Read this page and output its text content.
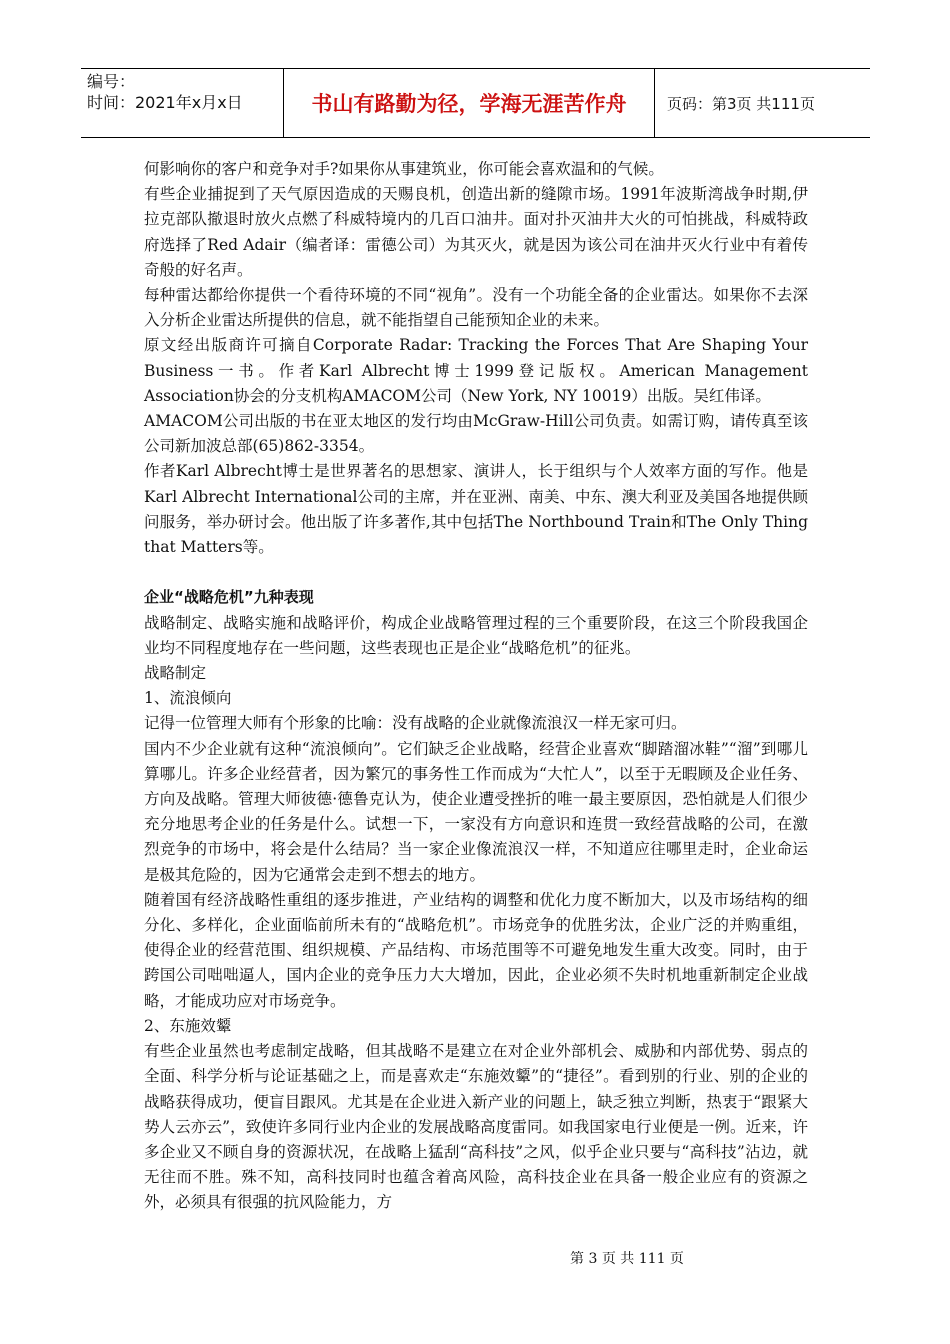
编号：
时间：2021年x月x日	书山有路勤为径，学海无涯苦作舟	页码：第3页 共111页

何影响你的客户和竞争对手?如果你从事建筑业，你可能会喜欢温和的气候。

有些企业捕捉到了天气原因造成的天赐良机，创造出新的缝隙市场。1991年波斯湾战争时期,伊拉克部队撤退时放火点燃了科威特境内的几百口油井。面对扑灭油井大火的可怕挑战，科威特政府选择了Red Adair（编者译：雷德公司）为其灭火，就是因为该公司在油井灭火行业中有着传奇般的好名声。

每种雷达都给你提供一个看待环境的不同“视角”。没有一个功能全备的企业雷达。如果你不去深入分析企业雷达所提供的信息，就不能指望自己能预知企业的未来。

原文经出版商许可摘自Corporate Radar: Tracking the Forces That Are Shaping Your Business一书。作者Karl Albrecht博士1999登记版权。American Management Association协会的分支机构AMACOM公司（New York, NY 10019）出版。吴红伟译。

AMACOM公司出版的书在亚太地区的发行均由McGraw-Hill公司负责。如需订购，请传真至该公司新加波总部(65)862-3354。

作者Karl Albrecht博士是世界著名的思想家、演讲人，长于组织与个人效率方面的写作。他是Karl Albrecht International公司的主席，并在亚洲、南美、中东、澳大利亚及美国各地提供顾问服务，举办研讨会。他出版了许多著作,其中包括The Northbound Train和The Only Thing that Matters等。

企业“战略危机”九种表现

战略制定、战略实施和战略评价，构成企业战略管理过程的三个重要阶段，在这三个阶段我国企业均不同程度地存在一些问题，这些表现也正是企业“战略危机”的征兆。

战略制定

1、流浪倾向

记得一位管理大师有个形象的比喻：没有战略的企业就像流浪汉一样无家可归。

国内不少企业就有这种“流浪倾向”。它们缺乏企业战略，经营企业喜欢“脚踏溜冰鞋”“溜”到哪儿算哪儿。许多企业经营者，因为繁冗的事务性工作而成为“大忙人”，以至于无暇顾及企业任务、方向及战略。管理大师彼德·德鲁克认为，使企业遭受挫折的唯一最主要原因，恐怕就是人们很少充分地思考企业的任务是什么。试想一下，一家没有方向意识和连贯一致经营战略的公司，在激烈竞争的市场中，将会是什么结局？当一家企业像流浪汉一样，不知道应往哪里走时，企业命运是极其危险的，因为它通常会走到不想去的地方。

随着国有经济战略性重组的逐步推进，产业结构的调整和优化力度不断加大，以及市场结构的细分化、多样化，企业面临前所未有的“战略危机”。市场竞争的优胜劣汰，企业广泛的并购重组，使得企业的经营范围、组织规模、产品结构、市场范围等不可避免地发生重大改变。同时，由于跨国公司咄咄逼人，国内企业的竞争压力大大增加，因此，企业必须不失时机地重新制定企业战略，才能成功应对市场竞争。

2、东施效颦

有些企业虽然也考虑制定战略，但其战略不是建立在对企业外部机会、威胁和内部优势、弱点的全面、科学分析与论证基础之上，而是喜欢走“东施效颦”的“捷径”。看到别的行业、别的企业的战略获得成功，便盲目跟风。尤其是在企业进入新产业的问题上，缺乏独立判断，热衷于“跟紧大势人云亦云”，致使许多同行业内企业的发展战略高度雷同。如我国家电行业便是一例。近来，许多企业又不顾自身的资源状况，在战略上猛刮“高科技”之风，似乎企业只要与“高科技”沾边，就无往而不胜。殊不知，高科技同时也蕴含着高风险，高科技企业在具备一般企业应有的资源之外，必须具有很强的抗风险能力，方

第 3 页 共 111 页
